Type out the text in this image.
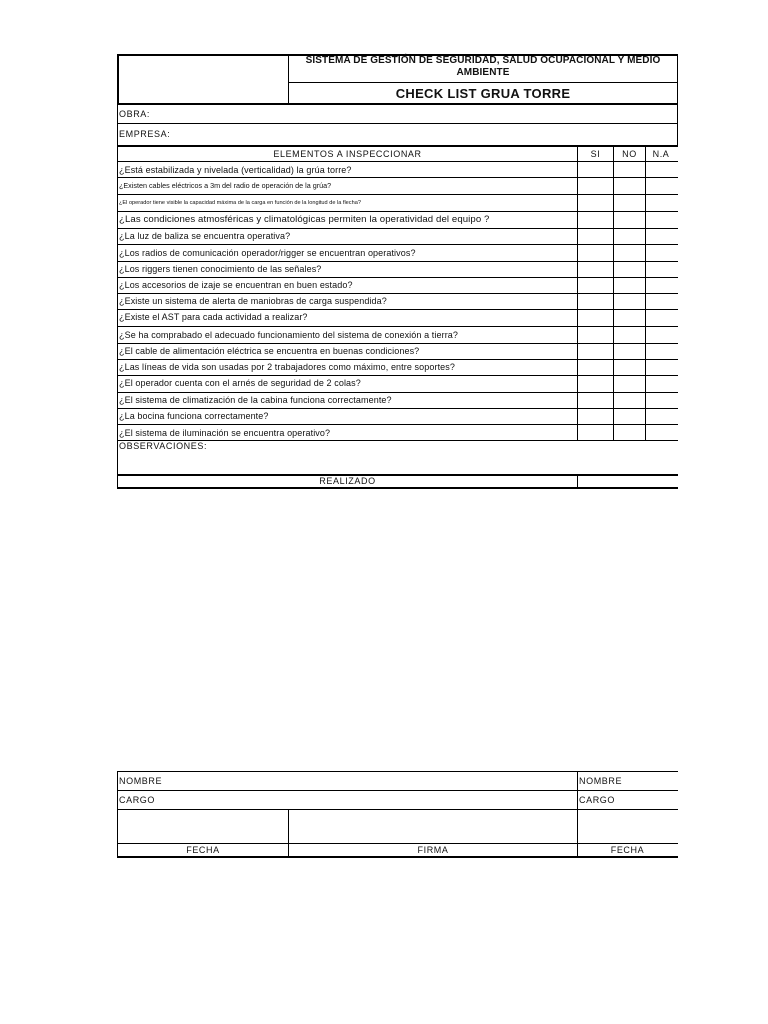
SISTEMA DE GESTIÓN DE SEGURIDAD, SALUD OCUPACIONAL Y MEDIO
AMBIENTE
CHECK LIST GRUA TORRE
OBRA:
EMPRESA:
ELEMENTOS A INSPECCIONAR	SI	NO	N.A
¿Está estabilizada y nivelada (verticalidad) la grúa torre?
¿Existen cables eléctricos a 3m del radio de operación de la grúa?
¿El operador tiene visible la capacidad máxima de la carga en función de la longitud de la flecha?
¿Las condiciones atmosféricas y climatológicas permiten la operatividad del equipo ?
¿La luz de baliza se encuentra operativa?
¿Los radios de comunicación operador/rigger se encuentran operativos?
¿Los riggers tienen conocimiento de las señales?
¿Los accesorios de izaje se encuentran en buen estado?
¿Existe un sistema de alerta de maniobras de carga suspendida?
¿Existe el AST para cada actividad a realizar?
¿Se ha comprabado el adecuado funcionamiento del sistema de conexión a tierra?
¿El cable de alimentación eléctrica se encuentra en buenas condiciones?
¿Las líneas de vida son usadas por 2 trabajadores como máximo, entre soportes?
¿El operador cuenta con el arnés de seguridad de 2 colas?
¿El sistema de climatización de la cabina funciona correctamente?
¿La bocina funciona correctamente?
¿El sistema de iluminación se encuentra operativo?
OBSERVACIONES:
REALIZADO
NOMBRE	NOMBRE
CARGO	CARGO
FECHA	FIRMA	FECHA
